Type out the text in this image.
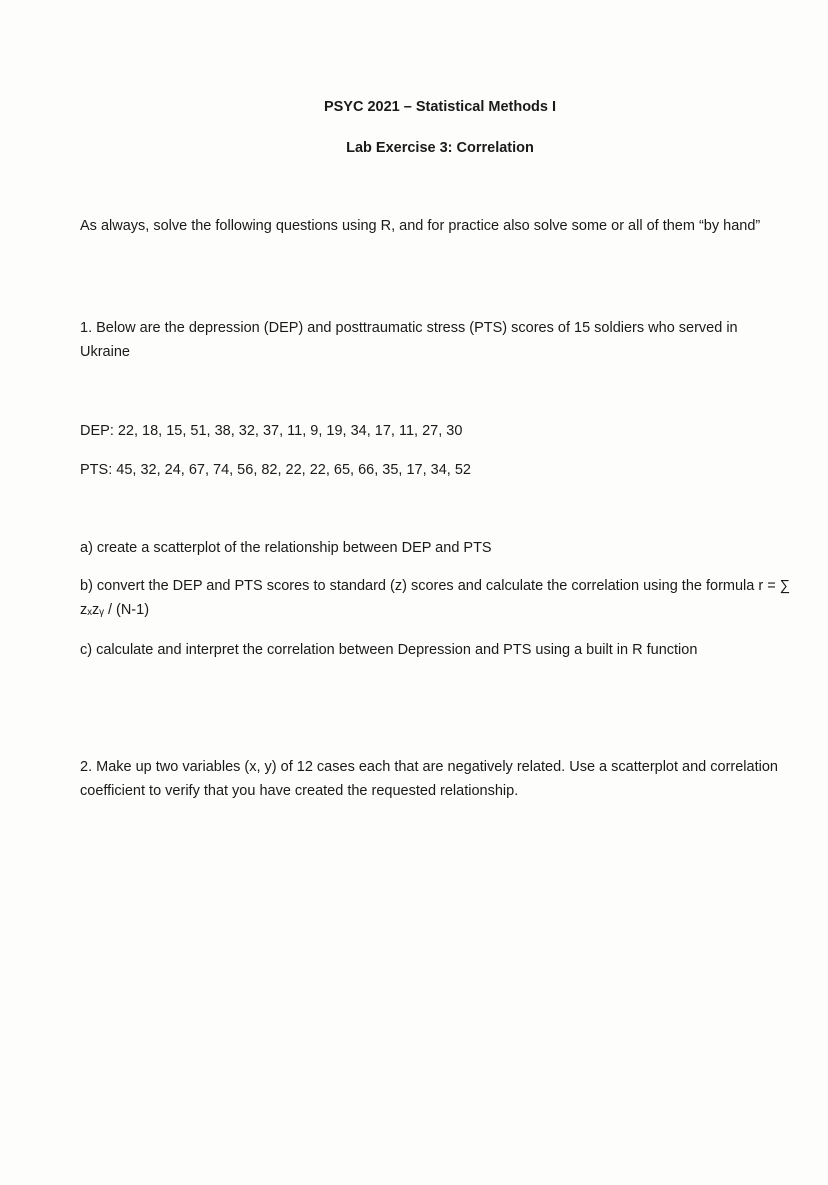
PSYC 2021 – Statistical Methods I
Lab Exercise 3: Correlation
As always, solve the following questions using R, and for practice also solve some or all of them “by hand”
1. Below are the depression (DEP) and posttraumatic stress (PTS) scores of 15 soldiers who served in Ukraine
DEP: 22, 18, 15, 51, 38, 32, 37, 11, 9, 19, 34, 17, 11, 27, 30
PTS: 45, 32, 24, 67, 74, 56, 82, 22, 22, 65, 66, 35, 17, 34, 52
a) create a scatterplot of the relationship between DEP and PTS
b) convert the DEP and PTS scores to standard (z) scores and calculate the correlation using the formula r = ∑ zₓzᵧ / (N-1)
c) calculate and interpret the correlation between Depression and PTS using a built in R function
2. Make up two variables (x, y) of 12 cases each that are negatively related. Use a scatterplot and correlation coefficient to verify that you have created the requested relationship.
